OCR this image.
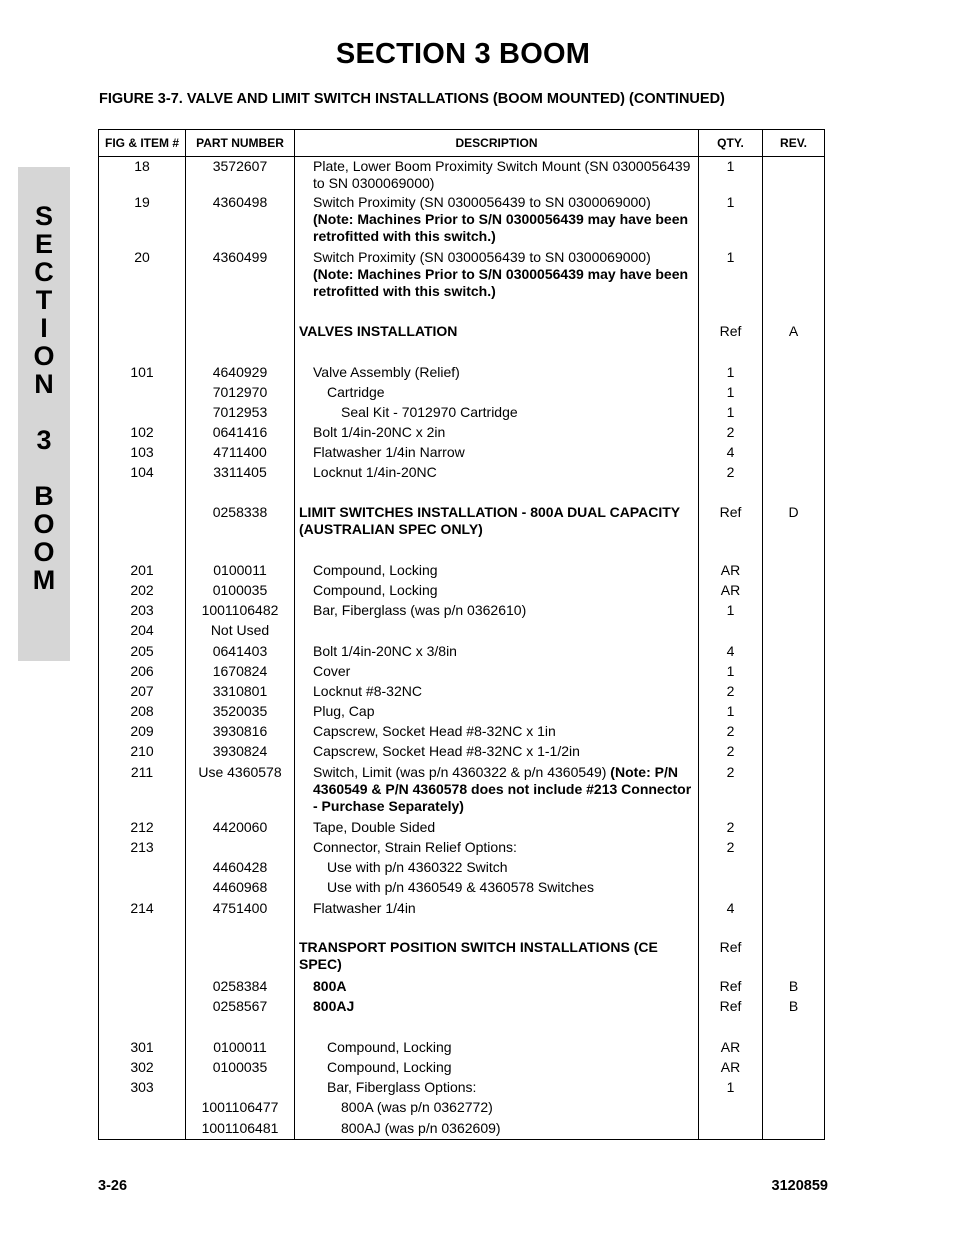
SECTION 3 BOOM
FIGURE 3-7. VALVE AND LIMIT SWITCH INSTALLATIONS (BOOM MOUNTED) (CONTINUED)
S
E
C
T
I
O
N
3
B
O
O
M
FIG & ITEM #	PART NUMBER	DESCRIPTION	QTY.	REV.
18	3572607	Plate, Lower Boom Proximity Switch Mount (SN 0300056439 to SN 0300069000)	1	
19	4360498	Switch Proximity (SN 0300056439 to SN 0300069000) (Note: Machines Prior to S/N 0300056439 may have been retrofitted with this switch.)	1	
20	4360499	Switch Proximity (SN 0300056439 to SN 0300069000) (Note: Machines Prior to S/N 0300056439 may have been retrofitted with this switch.)	1	

		VALVES INSTALLATION	Ref	A

101	4640929	Valve Assembly (Relief)	1	
	7012970	Cartridge	1	
	7012953	Seal Kit - 7012970 Cartridge	1	
102	0641416	Bolt 1/4in-20NC x 2in	2	
103	4711400	Flatwasher 1/4in Narrow	4	
104	3311405	Locknut 1/4in-20NC	2	

	0258338	LIMIT SWITCHES INSTALLATION - 800A DUAL CAPACITY (AUSTRALIAN SPEC ONLY)	Ref	D

201	0100011	Compound, Locking	AR	
202	0100035	Compound, Locking	AR	
203	1001106482	Bar, Fiberglass (was p/n 0362610)	1	
204	Not Used			
205	0641403	Bolt 1/4in-20NC x 3/8in	4	
206	1670824	Cover	1	
207	3310801	Locknut #8-32NC	2	
208	3520035	Plug, Cap	1	
209	3930816	Capscrew, Socket Head #8-32NC x 1in	2	
210	3930824	Capscrew, Socket Head #8-32NC x 1-1/2in	2	
211	Use 4360578	Switch, Limit (was p/n 4360322 & p/n 4360549) (Note: P/N 4360549 & P/N 4360578 does not include #213 Connector - Purchase Separately)	2	
212	4420060	Tape, Double Sided	2	
213		Connector, Strain Relief Options:	2	
	4460428	Use with p/n 4360322 Switch		
	4460968	Use with p/n 4360549 & 4360578 Switches		
214	4751400	Flatwasher 1/4in	4	

		TRANSPORT POSITION SWITCH INSTALLATIONS (CE SPEC)	Ref	
	0258384	800A	Ref	B
	0258567	800AJ	Ref	B

301	0100011	Compound, Locking	AR	
302	0100035	Compound, Locking	AR	
303		Bar, Fiberglass Options:	1	
	1001106477	800A (was p/n 0362772)		
	1001106481	800AJ (was p/n 0362609)		
3-26	3120859
